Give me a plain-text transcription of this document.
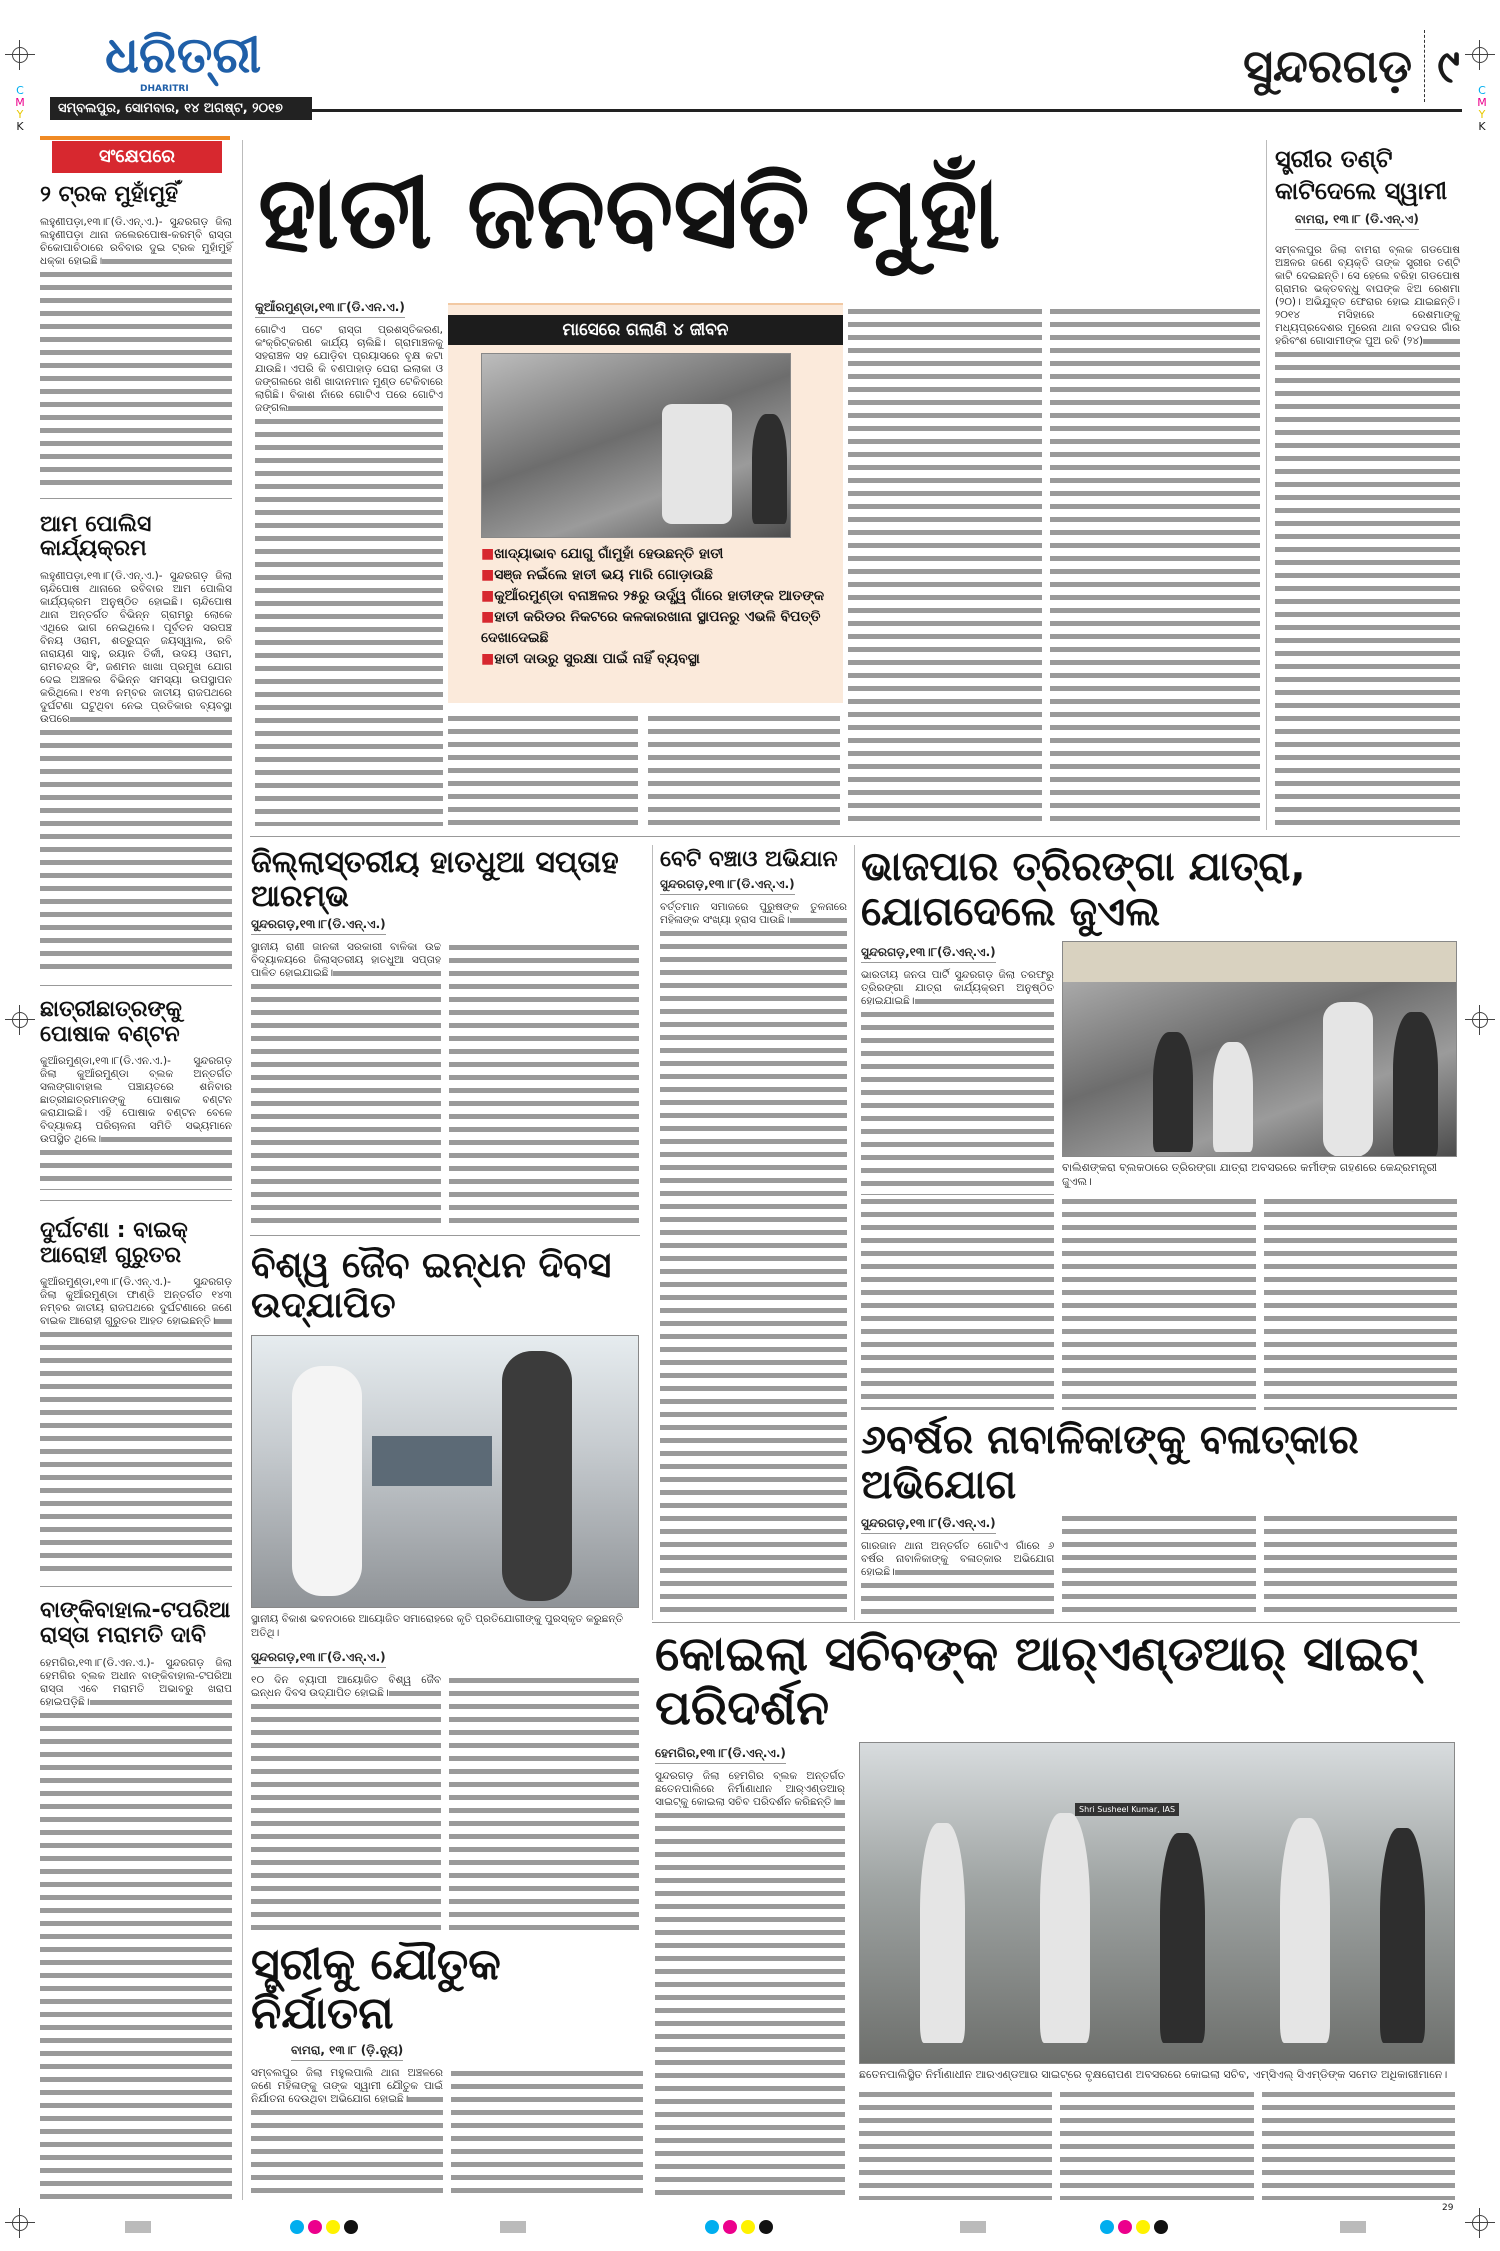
C
M
Y
K
C
M
Y
K
ଧରିତ୍ରୀ
DHARITRI
ସମ୍ବଲପୁର, ସୋମବାର, ୧୪ ଅଗଷ୍ଟ, ୨୦୧୭
ସୁନ୍ଦରଗଡ଼ ୯
ସଂକ୍ଷେପରେ
୨ ଟ୍ରକ ମୁହାଁମୁହିଁ
ଲହୁଣୀପଡ଼ା,୧୩।୮(ଡି.ଏନ୍.ଏ.)- ସୁନ୍ଦରଗଡ଼ ଜିଲା ଲହୁଣୀପଡ଼ା ଥାନା ଜଲେରପୋଷ-କରମ୍ବି ରାସ୍ତା ଚିକୋପାଚିଠାରେ ରବିବାର ଦୁଇ ଟ୍ରକ ମୁହାଁମୁହିଁ ଧକ୍କା ହୋଇଛି।
ଆମ ପୋଲିସ କାର୍ଯ୍ୟକ୍ରମ
ଲହୁଣୀପଡ଼ା,୧୩।୮(ଡି.ଏନ୍.ଏ.)- ସୁନ୍ଦରଗଡ଼ ଜିଲା ଚାନ୍ଦିପୋଷ ଥାନାରେ ରବିବାର ଆମ ପୋଲିସ କାର୍ଯ୍ୟକ୍ରମ ଅନୁଷ୍ଠିତ ହୋଇଛି। ଚାନ୍ଦିପୋଷ ଥାନା ଅନ୍ତର୍ଗତ ବିଭିନ୍ନ ଗ୍ରାମରୁ ଲୋକେ ଏଥିରେ ଭାଗ ନେଇଥିଲେ। ପୂର୍ବତନ ସରପଞ୍ଚ ବିନୟ ଓରାମ, ଶତ୍ରୁଘ୍ନ ଜୟସ୍ୱାଲ, ରବି ନାରାୟଣ ସାହୁ, ରୟାନ ତିର୍କୀ, ଉଦୟ ଓରାମ, ରାମଚନ୍ଦ୍ର ସିଂ, ଜଣମନ ଖାଖା ପ୍ରମୁଖ ଯୋଗ ଦେଇ ଅଞ୍ଚଳର ବିଭିନ୍ନ ସମସ୍ୟା ଉପସ୍ଥାପନ କରିଥିଲେ। ୧୪୩ ନମ୍ବର ଜାତୀୟ ରାଜପଥରେ ଦୁର୍ଘଟଣା ଘଟୁଥିବା ନେଇ ପ୍ରତିକାର ବ୍ୟବସ୍ଥା ଉପରେ
ଛାତ୍ରୀଛାତ୍ରଙ୍କୁ ପୋଷାକ ବଣ୍ଟନ
କୁଆଁରମୁଣ୍ଡା,୧୩।୮(ଡି.ଏନ.ଏ.)- ସୁନ୍ଦରଗଡ଼ ଜିଲା କୁଆଁରମୁଣ୍ଡା ବ୍ଲକ ଅନ୍ତର୍ଗତ ସଲଙ୍ଗାବାହାଲ ପଞ୍ଚାୟତରେ ଶନିବାର ଛାତ୍ରୀଛାତ୍ରମାନଙ୍କୁ ପୋଷାକ ବଣ୍ଟନ କରାଯାଇଛି। ଏହି ପୋଷାକ ବଣ୍ଟନ ବେଳେ ବିଦ୍ୟାଳୟ ପରିଚାଳନା ସମିତି ସଭ୍ୟମାନେ ଉପସ୍ଥିତ ଥିଲେ।
ଦୁର୍ଘଟଣା : ବାଇକ୍ ଆରୋହୀ ଗୁରୁତର
କୁଆଁରମୁଣ୍ଡା,୧୩।୮(ଡି.ଏନ୍.ଏ.)- ସୁନ୍ଦରଗଡ଼ ଜିଲା କୁଆଁରମୁଣ୍ଡା ଫାଣ୍ଡି ଅନ୍ତର୍ଗତ ୧୪୩ ନମ୍ବର ଜାତୀୟ ରାଜପଥରେ ଦୁର୍ଘଟଣାରେ ଜଣେ ବାଇକ ଆରୋହୀ ଗୁରୁତର ଆହତ ହୋଇଛନ୍ତି।
ବାଙ୍କିବାହାଲ-ଟପରିଆ ରାସ୍ତା ମରାମତି ଦାବି
ହେମଗିର,୧୩।୮(ଡି.ଏନ.ଏ.)- ସୁନ୍ଦରଗଡ଼ ଜିଲା ହେମଗିର ବ୍ଲକ ଅଧୀନ ବାଙ୍କିବାହାଲ-ଟପରିଆ ରାସ୍ତା ଏବେ ମରାମତି ଅଭାବରୁ ଖରାପ ହୋଇପଡ଼ିଛି।
ହାତୀ ଜନବସତି ମୁହାଁ
କୁଆଁରମୁଣ୍ଡା,୧୩।୮(ଡି.ଏନ.ଏ.)
ଗୋଟିଏ ପଟେ ରାସ୍ତା ପ୍ରଶସ୍ତିକରଣ, କଂକ୍ରିଟ୍‌କରଣ କାର୍ଯ୍ୟ ଚାଲିଛି। ଗ୍ରାମାଞ୍ଚଳକୁ ସହରାଞ୍ଚଳ ସହ ଯୋଡ଼ିବା ପ୍ରୟାସରେ ବୃକ୍ଷ କଟା ଯାଉଛି। ଏପରି କି ବଣପାହାଡ଼ ଘେରା ଇଲାକା ଓ ଜଙ୍ଗଲରେ ଖଣି ଖାଦାନମାନ ମୁଣ୍ଡ ଟେକିବାରେ ଲାଗିଛି। ବିକାଶ ନାଁରେ ଗୋଟିଏ ପରେ ଗୋଟିଏ ଜଙ୍ଗଲ
ମାସେରେ ଗଲାଣି ୪ ଜୀବନ
■ଖାଦ୍ୟାଭାବ ଯୋଗୁ ଗାଁମୁହାଁ ହେଉଛନ୍ତି ହାତୀ
■ସଞ୍ଜ ନଇଁଲେ ହାତୀ ଭୟ ମାରି ଗୋଡ଼ାଉଛି
■କୁଆଁରମୁଣ୍ଡା ବନାଞ୍ଚଳର ୨୫ରୁ ଉର୍ଦ୍ଧ୍ୱ ଗାଁରେ ହାତୀଙ୍କ ଆତଙ୍କ
■ହାତୀ କରିଡର ନିକଟରେ କଳକାରଖାନା ସ୍ଥାପନରୁ ଏଭଳି ବିପତ୍ତି ଦେଖାଦେଇଛି
■ହାତୀ ଦାଉରୁ ସୁରକ୍ଷା ପାଇଁ ନାହିଁ ବ୍ୟବସ୍ଥା
ସ୍ତ୍ରୀର ତଣ୍ଟି କାଟିଦେଲେ ସ୍ୱାମୀ
ବାମରା, ୧୩।୮ (ଡି.ଏନ୍.ଏ)
ସମ୍ବଲପୁର ଜିଲା ବାମରା ବ୍ଲକ ଗଡପୋଷ ଅଞ୍ଚଳର ଜଣେ ବ୍ୟକ୍ତି ତାଙ୍କ ସ୍ତ୍ରୀର ତଣ୍ଟି କାଟି ଦେଇଛନ୍ତି। ସେ ହେଲେ ବରିହା ଗଡପୋଷ ଗ୍ରାମର ଭକ୍ତବନ୍ଧୁ ବାଘଙ୍କ ଝିଅ ରେଶମା (୨୦)। ଅଭିଯୁକ୍ତ ଫେରାର ହୋଇ ଯାଇଛନ୍ତି। ୨୦୧୪ ମସିହାରେ ରେଶମାଙ୍କୁ ମଧ୍ୟପ୍ରଦେଶର ମୁରେନା ଥାନା ବଡଘର ଗାଁର ହରିବଂଶ ଗୋସାମୀଙ୍କ ପୁଅ ରବି (୨୪)
ଜିଲ୍ଲାସ୍ତରୀୟ ହାତଧୁଆ ସପ୍ତାହ ଆରମ୍ଭ
ସୁନ୍ଦରଗଡ଼,୧୩।୮(ଡି.ଏନ୍.ଏ.)
ସ୍ଥାନୀୟ ରାଣୀ ଜାନକୀ ସରକାରୀ ବାଳିକା ଉଚ୍ଚ ବିଦ୍ୟାଳୟରେ ଜିଲାସ୍ତରୀୟ ହାତଧୁଆ ସପ୍ତାହ ପାଳିତ ହୋଇଯାଇଛି।
ବେଟି ବଞ୍ଚାଓ ଅଭିଯାନ
ସୁନ୍ଦରଗଡ଼,୧୩।୮(ଡି.ଏନ୍.ଏ.)
ବର୍ତ୍ତମାନ ସମାଜରେ ପୁରୁଷଙ୍କ ତୁଳନାରେ ମହିଳାଙ୍କ ସଂଖ୍ୟା ହ୍ରାସ ପାଉଛି।
ଭାଜପାର ତ୍ରିରଙ୍ଗା ଯାତ୍ରା, ଯୋଗଦେଲେ ଜୁଏଲ
ସୁନ୍ଦରଗଡ଼,୧୩।୮(ଡି.ଏନ୍.ଏ.)
ଭାରତୀୟ ଜନତା ପାର୍ଟି ସୁନ୍ଦରଗଡ଼ ଜିଲା ତରଫରୁ ତ୍ରିରଙ୍ଗା ଯାତ୍ରା କାର୍ଯ୍ୟକ୍ରମ ଅନୁଷ୍ଠିତ ହୋଇଯାଇଛି।
ବାଲିଶଙ୍କରା ବ୍ଲକଠାରେ ତ୍ରିରଙ୍ଗା ଯାତ୍ରା ଅବସରରେ କର୍ମୀଙ୍କ ଗହଣରେ କେନ୍ଦ୍ରମନ୍ତ୍ରୀ ଜୁଏଲ।
୬ବର୍ଷର ନାବାଳିକାଙ୍କୁ ବଳାତ୍କାର ଅଭିଯୋଗ
ସୁନ୍ଦରଗଡ଼,୧୩।୮(ଡି.ଏନ୍.ଏ.)
ଗାରଜାନ ଥାନା ଅନ୍ତର୍ଗତ ଗୋଟିଏ ଗାଁରେ ୬ ବର୍ଷର ନାବାଳିକାଙ୍କୁ ବଳାତ୍କାର ଅଭିଯୋଗ ହୋଇଛି।
ବିଶ୍ୱ ଜୈବ ଇନ୍ଧନ ଦିବସ ଉଦ୍‌ଯାପିତ
ସ୍ଥାନୀୟ ବିକାଶ ଭବନଠାରେ ଆୟୋଜିତ ସମାରୋହରେ କୃତି ପ୍ରତିଯୋଗୀଙ୍କୁ ପୁରସ୍କୃତ କରୁଛନ୍ତି ଅତିଥି।
ସୁନ୍ଦରଗଡ଼,୧୩।୮(ଡି.ଏନ୍.ଏ.)
୧୦ ଦିନ ବ୍ୟାପୀ ଆୟୋଜିତ ବିଶ୍ୱ ଜୈବ ଇନ୍ଧନ ଦିବସ ଉଦ୍‌ଯାପିତ ହୋଇଛି।
କୋଇଲା ସଚିବଙ୍କ ଆର୍‌ଏଣ୍ଡଆର୍ ସାଇଟ୍ ପରିଦର୍ଶନ
ହେମଗିର,୧୩।୮(ଡି.ଏନ୍.ଏ.)
ସୁନ୍ଦରଗଡ଼ ଜିଲା ହେମଗିର ବ୍ଲକ ଅନ୍ତର୍ଗତ ଛତେନପାଲିରେ ନିର୍ମାଣାଧୀନ ଆର୍‌ଏଣ୍ଡଆର୍ ସାଇଟ୍‌କୁ କୋଇଲା ସଚିବ ପରିଦର୍ଶନ କରିଛନ୍ତି।
Shri Susheel Kumar, IAS
ଛତେନପାଲିସ୍ଥିତ ନିର୍ମାଣାଧୀନ ଆରଏଣ୍ଡଆର ସାଇଟ୍‌ରେ ବୃକ୍ଷରୋପଣ ଅବସରରେ କୋଇଲା ସଚିବ, ଏମ୍‌ସିଏଲ୍ ସିଏମ୍‌ଡିଙ୍କ ସମେତ ଅଧିକାରୀମାନେ।
ସ୍ତ୍ରୀକୁ ଯୌତୁକ ନିର୍ଯାତନା
ବାମରା, ୧୩।୮ (ଡ଼ି.ନ୍ୟୁ)
ସମ୍ବଲପୁର ଜିଲା ମହୁଲପାଲି ଥାନା ଅଞ୍ଚଳରେ ଜଣେ ମହିଳାଙ୍କୁ ତାଙ୍କ ସ୍ୱାମୀ ଯୌତୁକ ପାଇଁ ନିର୍ଯାତନା ଦେଉଥିବା ଅଭିଯୋଗ ହୋଇଛି।
29
